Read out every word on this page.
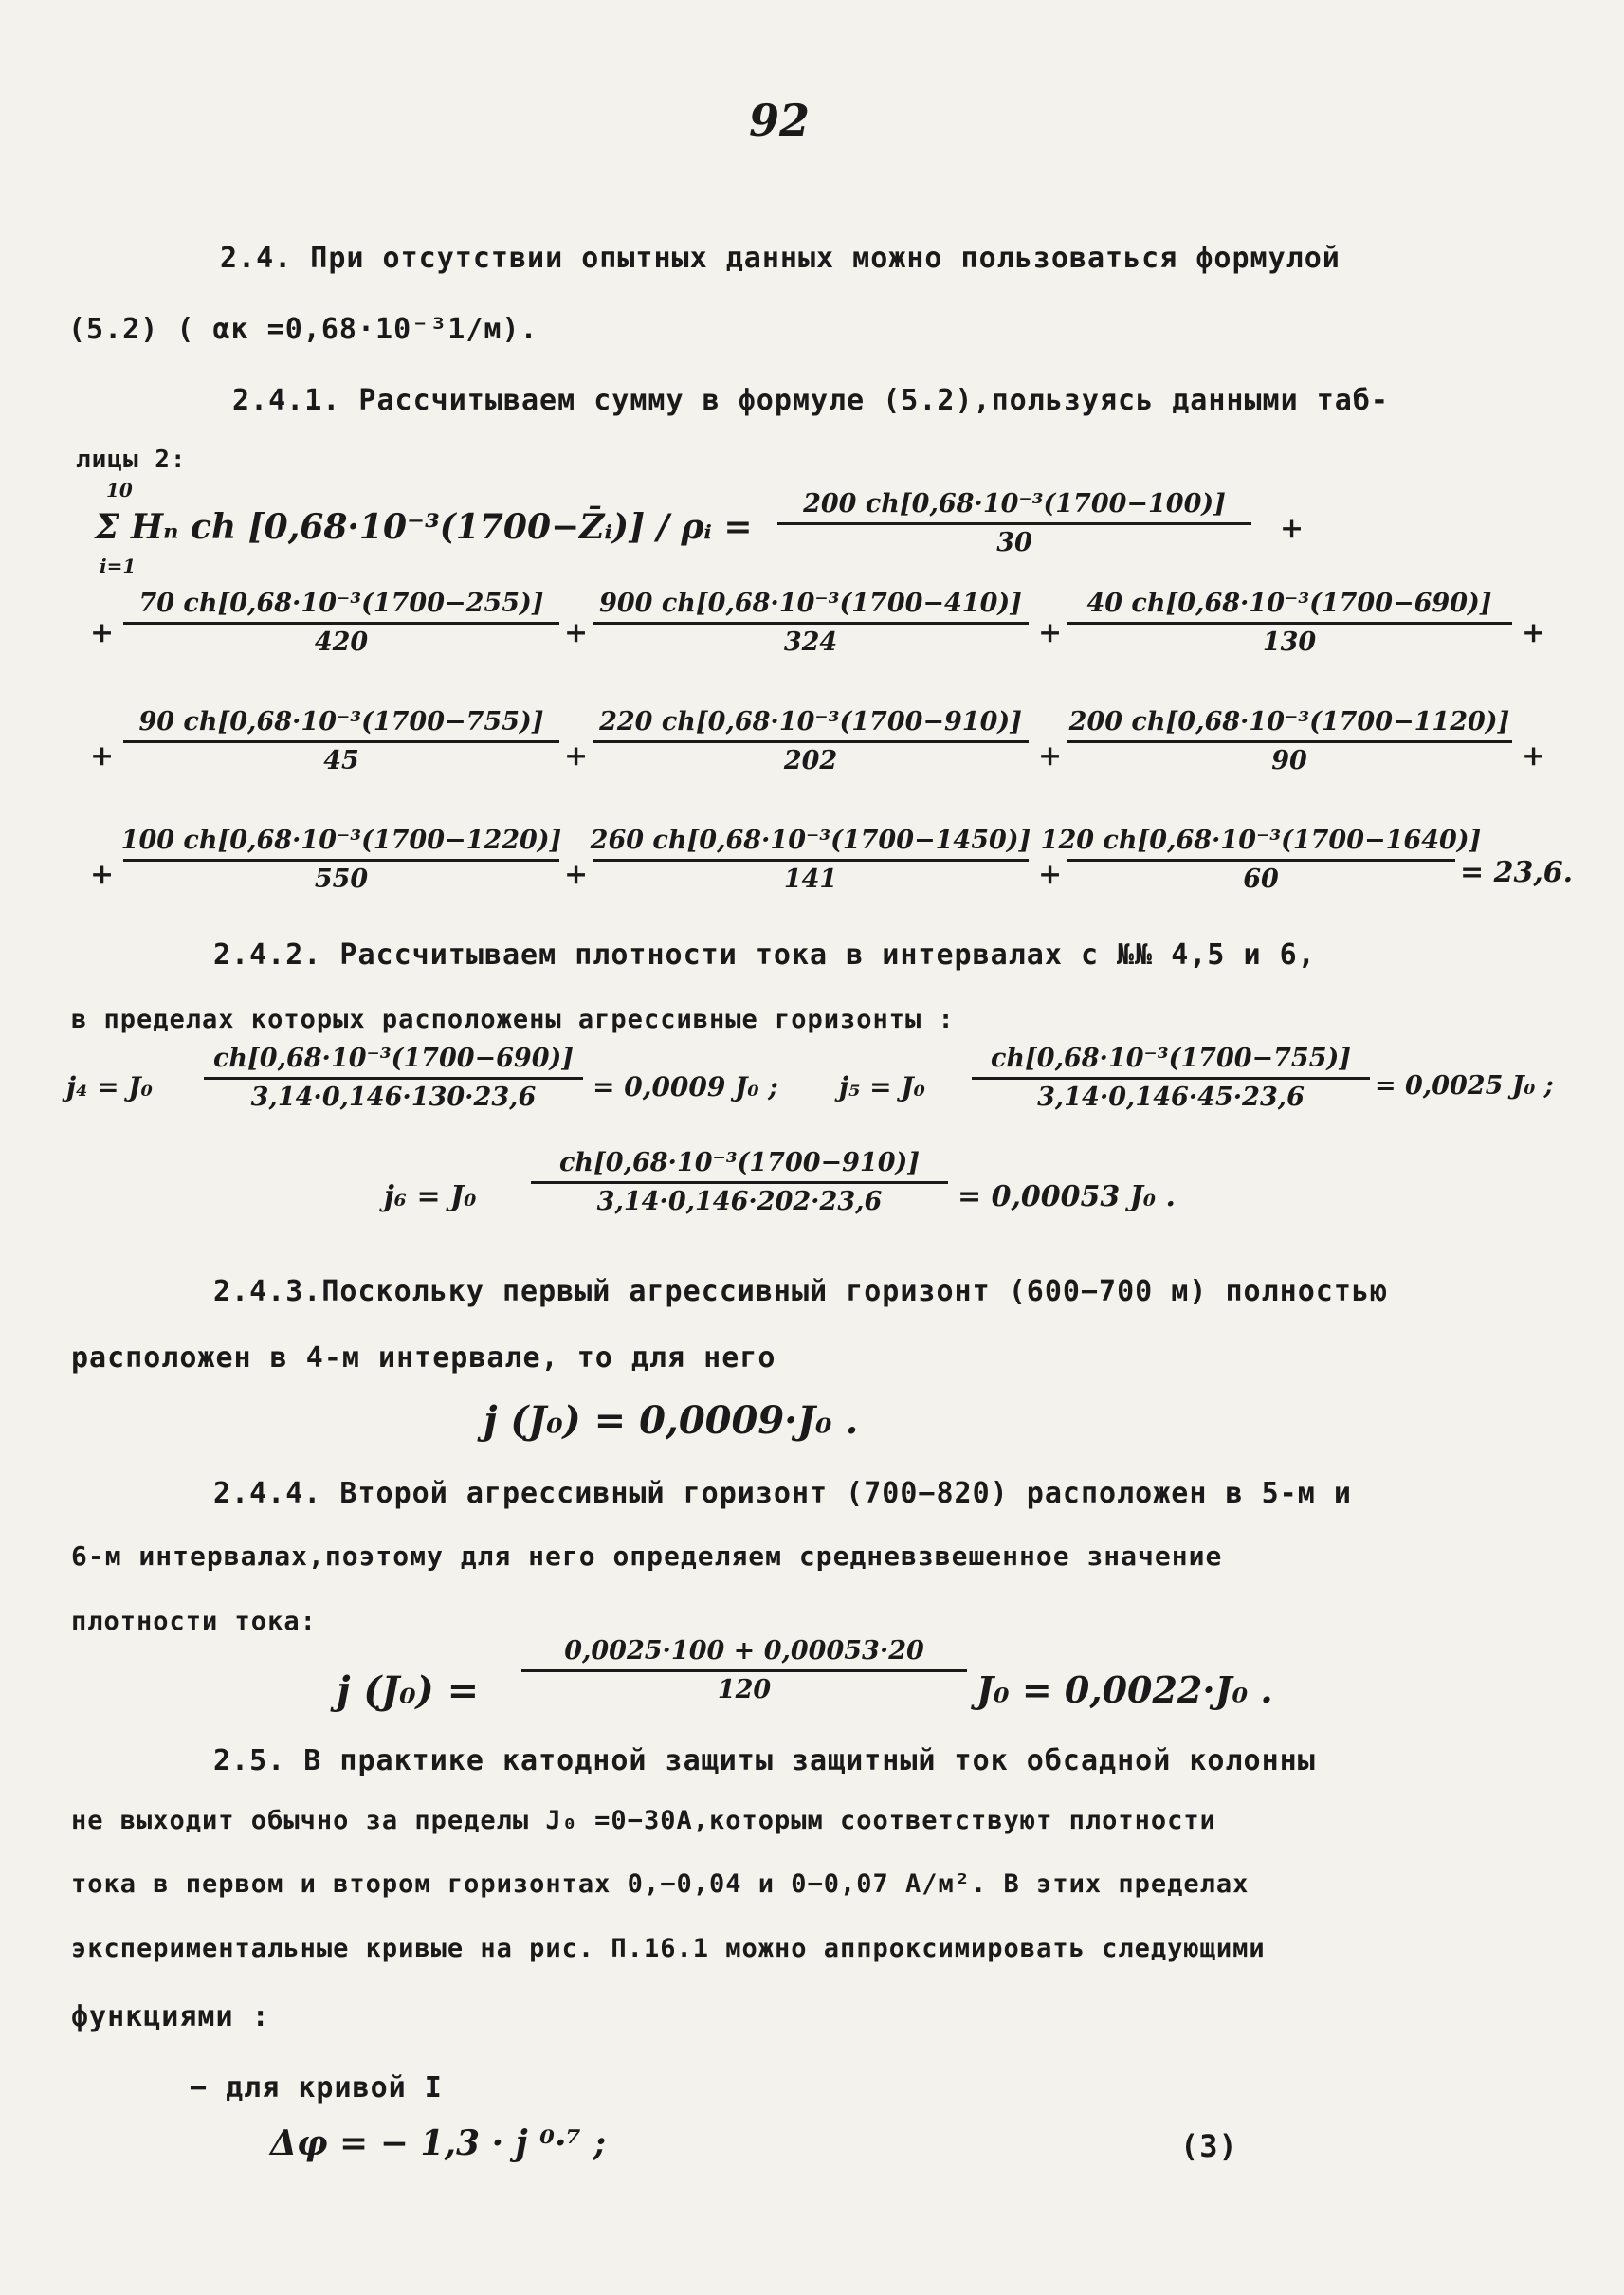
92
2.4. При отсутствии опытных данных можно пользоваться формулой
(5.2) ( αк =0,68·10⁻³1/м).
2.4.1. Рассчитываем сумму в формуле (5.2),пользуясь данными таб-
лицы 2:
10
i=1
Σ Hₙ ch [0,68·10⁻³(1700−Z̄ᵢ)] / ρᵢ =
200 ch[0,68·10⁻³(1700−100)]
30	+
+
70 ch[0,68·10⁻³(1700−255)]
420	+
900 ch[0,68·10⁻³(1700−410)]
324	+
40 ch[0,68·10⁻³(1700−690)]
130	+
+
90 ch[0,68·10⁻³(1700−755)]
45	+
220 ch[0,68·10⁻³(1700−910)]
202	+
200 ch[0,68·10⁻³(1700−1120)]
90	+
+
100 ch[0,68·10⁻³(1700−1220)]
550	+
260 ch[0,68·10⁻³(1700−1450)]
141	+
120 ch[0,68·10⁻³(1700−1640)]
60	= 23,6.
2.4.2. Рассчитываем плотности тока в интервалах с №№ 4,5 и 6,
в пределах которых расположены агрессивные горизонты :
j₄ = J₀
ch[0,68·10⁻³(1700−690)]
3,14·0,146·130·23,6 = 0,0009 J₀ ; j₅ = J₀
ch[0,68·10⁻³(1700−755)]
3,14·0,146·45·23,6	= 0,0025 J₀ ;
j₆ = J₀
ch[0,68·10⁻³(1700−910)]
3,14·0,146·202·23,6	= 0,00053 J₀ .
2.4.3.Поскольку первый агрессивный горизонт (600−700 м) полностью
расположен в 4-м интервале, то для него
j (J₀) = 0,0009·J₀ .
2.4.4. Второй агрессивный горизонт (700−820) расположен в 5-м и
6-м интервалах,поэтому для него определяем средневзвешенное значение
плотности тока:
j (J₀) =
0,0025·100 + 0,00053·20
120	J₀ = 0,0022·J₀ .
2.5. В практике катодной защиты защитный ток обсадной колонны
не выходит обычно за пределы J₀ =0−30А,которым соответствуют плотности
тока в первом и втором горизонтах 0,−0,04 и 0−0,07 А/м². В этих пределах
экспериментальные кривые на рис. П.16.1 можно аппроксимировать следующими
функциями :
− для кривой I
Δφ = − 1,3 · j ⁰·⁷ ;	(3)
